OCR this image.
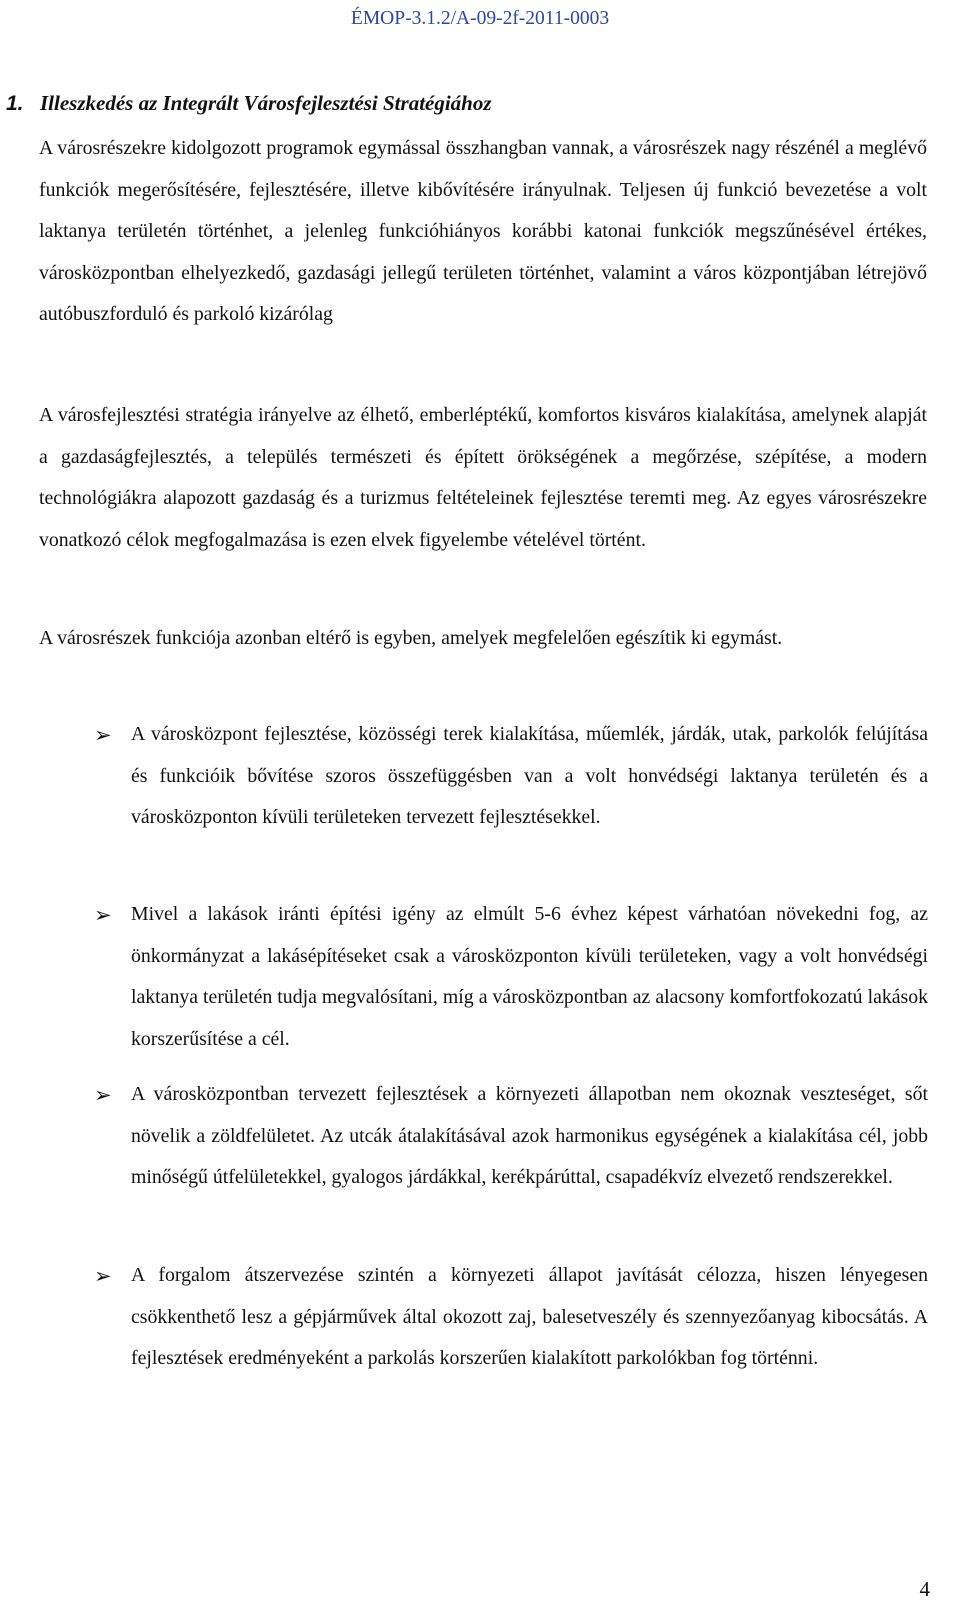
ÉMOP-3.1.2/A-09-2f-2011-0003
1. Illeszkedés az Integrált Városfejlesztési Stratégiához

A városrészekre kidolgozott programok egymással összhangban vannak, a városrészek nagy részénél a meglévő funkciók megerősítésére, fejlesztésére, illetve kibővítésére irányulnak. Teljesen új funkció bevezetése a volt laktanya területén történhet, a jelenleg funkcióhiányos korábbi katonai funkciók megszűnésével értékes, városközpontban elhelyezkedő, gazdasági jellegű területen történhet, valamint a város központjában létrejövő autóbuszforduló és parkoló kizárólag

A városfejlesztési stratégia irányelve az élhető, emberléptékű, komfortos kisváros kialakítása, amelynek alapját a gazdaságfejlesztés, a település természeti és épített örökségének a megőrzése, szépítése, a modern technológiákra alapozott gazdaság és a turizmus feltételeinek fejlesztése teremti meg. Az egyes városrészekre vonatkozó célok megfogalmazása is ezen elvek figyelembe vételével történt.

A városrészek funkciója azonban eltérő is egyben, amelyek megfelelően egészítik ki egymást.

➢ A városközpont fejlesztése, közösségi terek kialakítása, műemlék, járdák, utak, parkolók felújítása és funkcióik bővítése szoros összefüggésben van a volt honvédségi laktanya területén és a városközponton kívüli területeken tervezett fejlesztésekkel.
➢ Mivel a lakások iránti építési igény az elmúlt 5-6 évhez képest várhatóan növekedni fog, az önkormányzat a lakásépítéseket csak a városközponton kívüli területeken, vagy a volt honvédségi laktanya területén tudja megvalósítani, míg a városközpontban az alacsony komfortfokozatú lakások korszerűsítése a cél.
➢ A városközpontban tervezett fejlesztések a környezeti állapotban nem okoznak veszteséget, sőt növelik a zöldfelületet. Az utcák átalakításával azok harmonikus egységének a kialakítása cél, jobb minőségű útfelületekkel, gyalogos járdákkal, kerékpárúttal, csapadékvíz elvezető rendszerekkel.
➢ A forgalom átszervezése szintén a környezeti állapot javítását célozza, hiszen lényegesen csökkenthető lesz a gépjárművek által okozott zaj, balesetveszély és szennyezőanyag kibocsátás. A fejlesztések eredményeként a parkolás korszerűen kialakított parkolókban fog történni.
4
